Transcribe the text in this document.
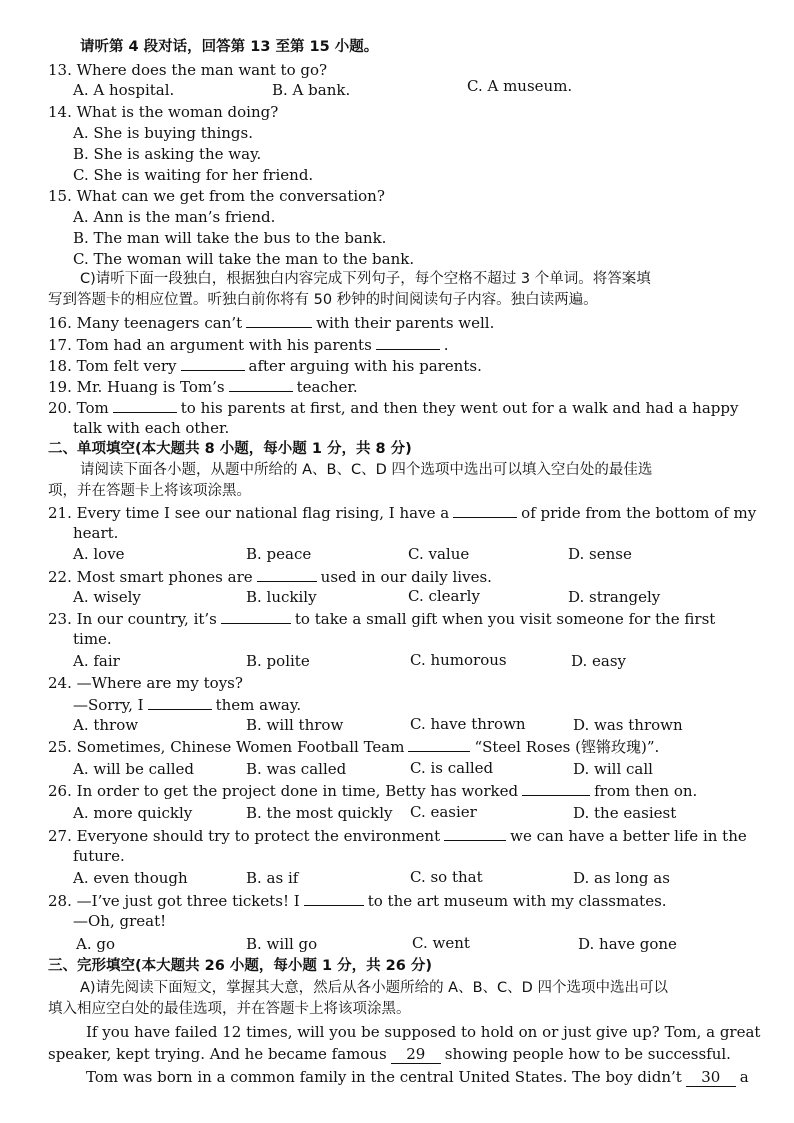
请听第 4 段对话，回答第 13 至第 15 小题。
13. Where does the man want to go?
A. A hospital.	B. A bank.	C. A museum.
14. What is the woman doing?
A. She is buying things.
B. She is asking the way.
C. She is waiting for her friend.
15. What can we get from the conversation?
A. Ann is the man’s friend.
B. The man will take the bus to the bank.
C. The woman will take the man to the bank.
C)请听下面一段独白，根据独白内容完成下列句子，每个空格不超过 3 个单词。将答案填
写到答题卡的相应位置。听独白前你将有 50 秒钟的时间阅读句子内容。独白读两遍。
16. Many teenagers can’t	with their parents well.
17. Tom had an argument with his parents	.
18. Tom felt very	after arguing with his parents.
19. Mr. Huang is Tom’s	teacher.
20. Tom	to his parents at first, and then they went out for a walk and had a happy
talk with each other.
二、单项填空(本大题共 8 小题，每小题 1 分，共 8 分)
请阅读下面各小题，从题中所给的 A、B、C、D 四个选项中选出可以填入空白处的最佳选
项，并在答题卡上将该项涂黑。
21. Every time I see our national flag rising, I have a	of pride from the bottom of my
heart.
A. love	B. peace	C. value	D. sense
22. Most smart phones are	used in our daily lives.
A. wisely	B. luckily	C. clearly	D. strangely
23. In our country, it’s	to take a small gift when you visit someone for the first
time.
A. fair	B. polite	C. humorous	D. easy
24. —Where are my toys?
—Sorry, I	them away.
A. throw	B. will throw	C. have thrown	D. was thrown
25. Sometimes, Chinese Women Football Team	“Steel Roses (铿锵玫瑰)”.
A. will be called	B. was called	C. is called	D. will call
26. In order to get the project done in time, Betty has worked	from then on.
A. more quickly	B. the most quickly C. easier	D. the easiest
27. Everyone should try to protect the environment	we can have a better life in the
future.
A. even though	B. as if	C. so that	D. as long as
28. —I’ve just got three tickets! I	to the art museum with my classmates.
—Oh, great!
A. go	B. will go	C. went	D. have gone
三、完形填空(本大题共 26 小题，每小题 1 分，共 26 分)
A)请先阅读下面短文，掌握其大意，然后从各小题所给的 A、B、C、D 四个选项中选出可以
填入相应空白处的最佳选项，并在答题卡上将该项涂黑。
If you have failed 12 times, will you be supposed to hold on or just give up? Tom, a great
speaker, kept trying. And he became famous 29 showing people how to be successful.
Tom was born in a common family in the central United States. The boy didn’t 30 a
